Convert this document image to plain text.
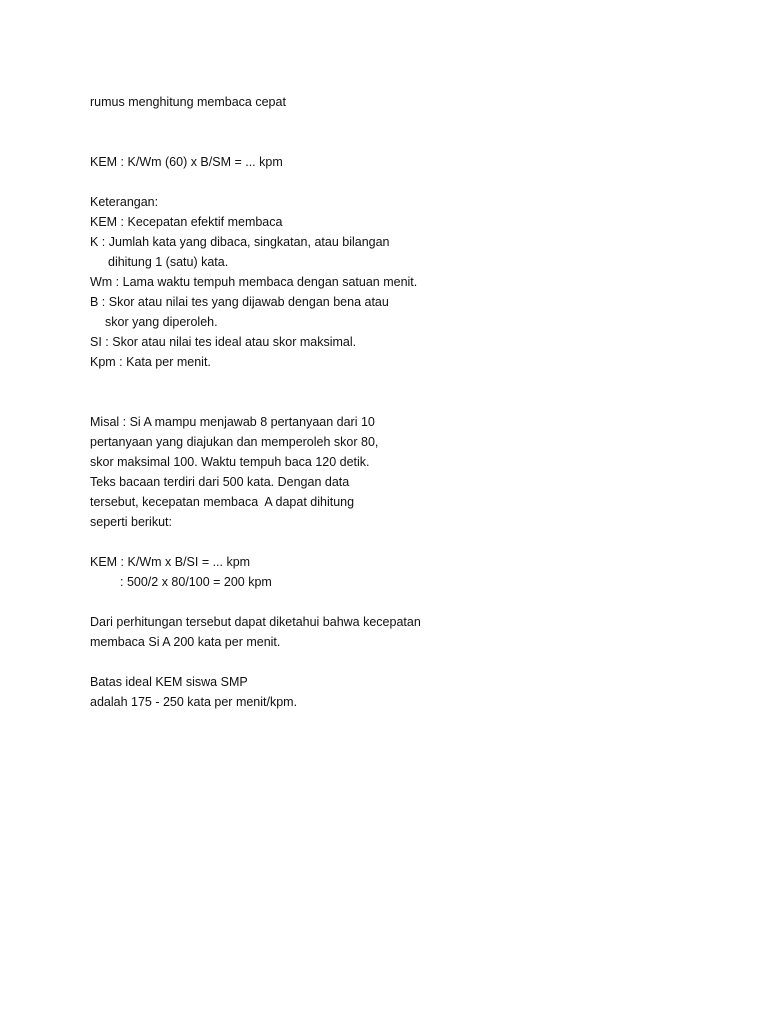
rumus menghitung membaca cepat
KEM : K/Wm (60) x B/SM = ... kpm
Keterangan:
KEM : Kecepatan efektif membaca
K : Jumlah kata yang dibaca, singkatan, atau bilangan
dihitung 1 (satu) kata.
Wm : Lama waktu tempuh membaca dengan satuan menit.
B : Skor atau nilai tes yang dijawab dengan bena atau
skor yang diperoleh.
SI : Skor atau nilai tes ideal atau skor maksimal.
Kpm : Kata per menit.
Misal : Si A mampu menjawab 8 pertanyaan dari 10
pertanyaan yang diajukan dan memperoleh skor 80,
skor maksimal 100. Waktu tempuh baca 120 detik.
Teks bacaan terdiri dari 500 kata. Dengan data
tersebut, kecepatan membaca  A dapat dihitung
seperti berikut:
KEM : K/Wm x B/SI = ... kpm
: 500/2 x 80/100 = 200 kpm
Dari perhitungan tersebut dapat diketahui bahwa kecepatan
membaca Si A 200 kata per menit.
Batas ideal KEM siswa SMP
adalah 175 - 250 kata per menit/kpm.
